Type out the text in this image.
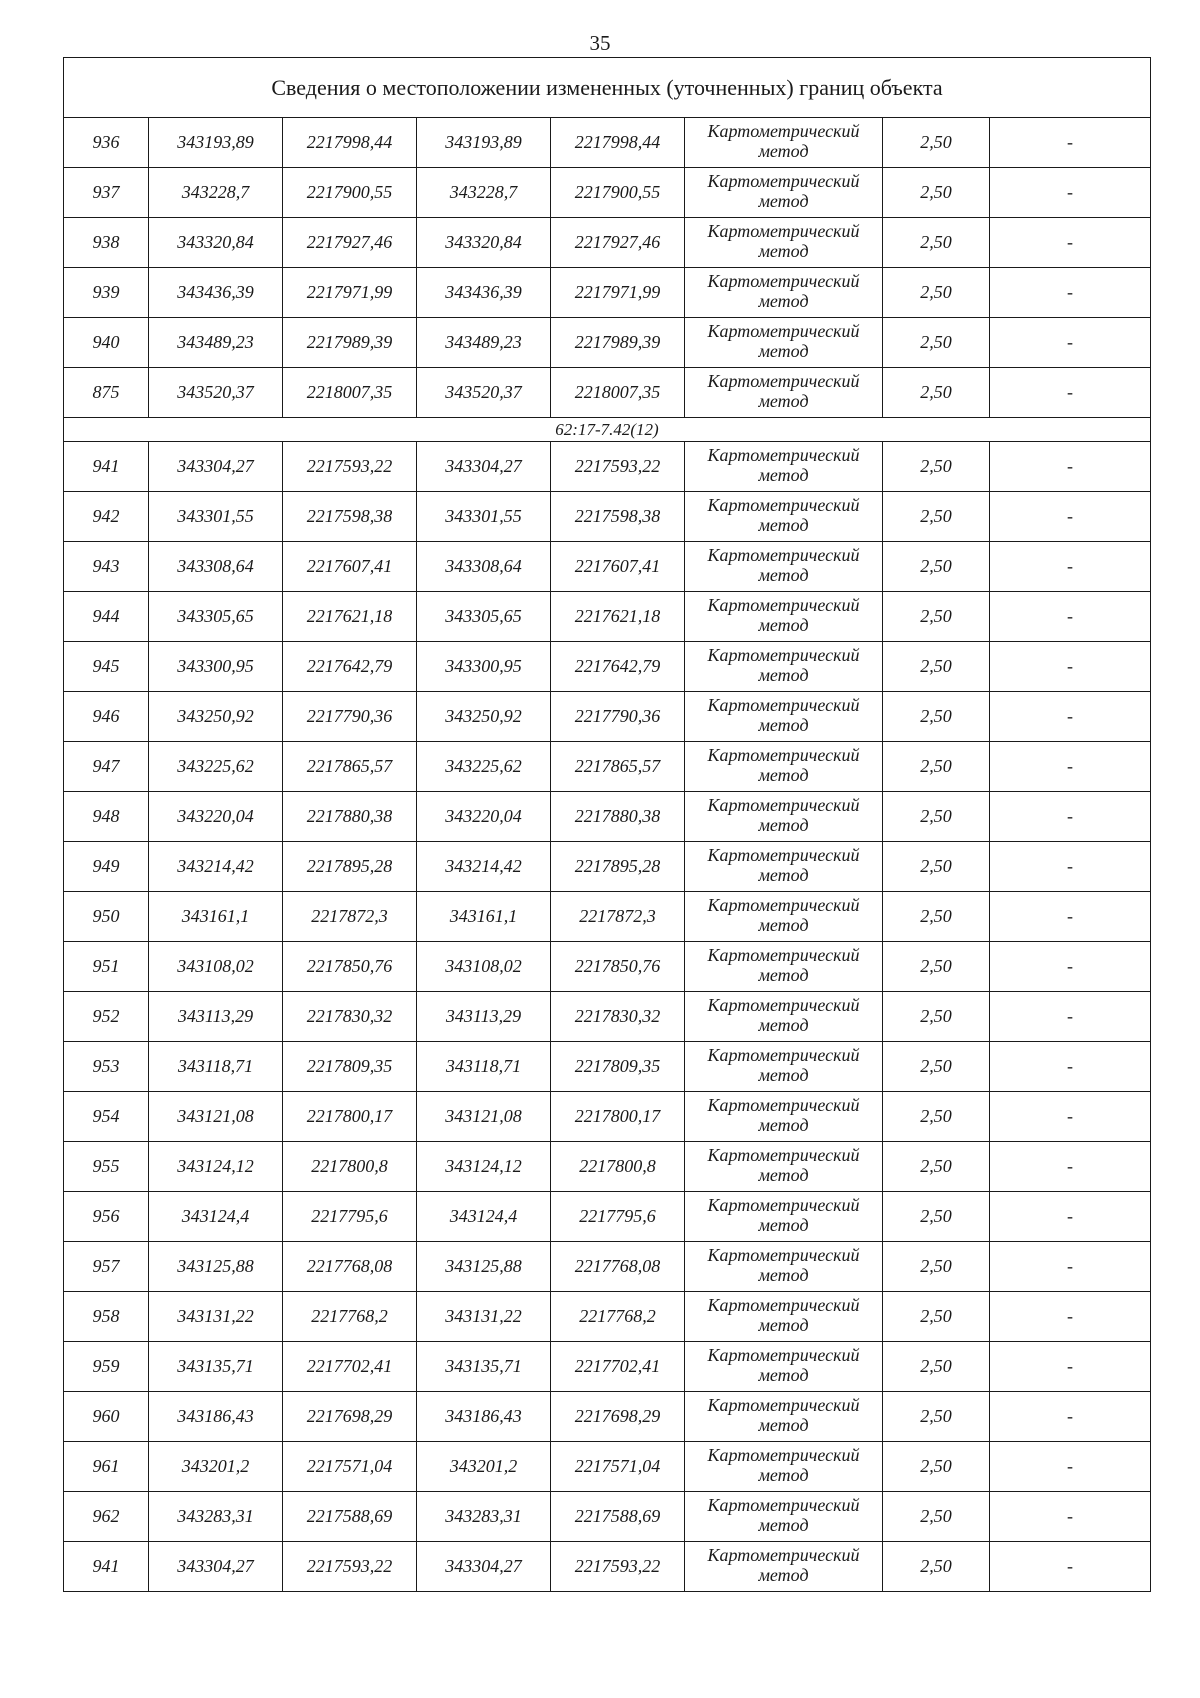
35
Сведения о местоположении измененных (уточненных) границ объекта							
936	343193,89	2217998,44	343193,89	2217998,44	Картометрический метод	2,50	-
937	343228,7	2217900,55	343228,7	2217900,55	Картометрический метод	2,50	-
938	343320,84	2217927,46	343320,84	2217927,46	Картометрический метод	2,50	-
939	343436,39	2217971,99	343436,39	2217971,99	Картометрический метод	2,50	-
940	343489,23	2217989,39	343489,23	2217989,39	Картометрический метод	2,50	-
875	343520,37	2218007,35	343520,37	2218007,35	Картометрический метод	2,50	-
62:17-7.42(12)							
941	343304,27	2217593,22	343304,27	2217593,22	Картометрический метод	2,50	-
942	343301,55	2217598,38	343301,55	2217598,38	Картометрический метод	2,50	-
943	343308,64	2217607,41	343308,64	2217607,41	Картометрический метод	2,50	-
944	343305,65	2217621,18	343305,65	2217621,18	Картометрический метод	2,50	-
945	343300,95	2217642,79	343300,95	2217642,79	Картометрический метод	2,50	-
946	343250,92	2217790,36	343250,92	2217790,36	Картометрический метод	2,50	-
947	343225,62	2217865,57	343225,62	2217865,57	Картометрический метод	2,50	-
948	343220,04	2217880,38	343220,04	2217880,38	Картометрический метод	2,50	-
949	343214,42	2217895,28	343214,42	2217895,28	Картометрический метод	2,50	-
950	343161,1	2217872,3	343161,1	2217872,3	Картометрический метод	2,50	-
951	343108,02	2217850,76	343108,02	2217850,76	Картометрический метод	2,50	-
952	343113,29	2217830,32	343113,29	2217830,32	Картометрический метод	2,50	-
953	343118,71	2217809,35	343118,71	2217809,35	Картометрический метод	2,50	-
954	343121,08	2217800,17	343121,08	2217800,17	Картометрический метод	2,50	-
955	343124,12	2217800,8	343124,12	2217800,8	Картометрический метод	2,50	-
956	343124,4	2217795,6	343124,4	2217795,6	Картометрический метод	2,50	-
957	343125,88	2217768,08	343125,88	2217768,08	Картометрический метод	2,50	-
958	343131,22	2217768,2	343131,22	2217768,2	Картометрический метод	2,50	-
959	343135,71	2217702,41	343135,71	2217702,41	Картометрический метод	2,50	-
960	343186,43	2217698,29	343186,43	2217698,29	Картометрический метод	2,50	-
961	343201,2	2217571,04	343201,2	2217571,04	Картометрический метод	2,50	-
962	343283,31	2217588,69	343283,31	2217588,69	Картометрический метод	2,50	-
941	343304,27	2217593,22	343304,27	2217593,22	Картометрический метод	2,50	-
